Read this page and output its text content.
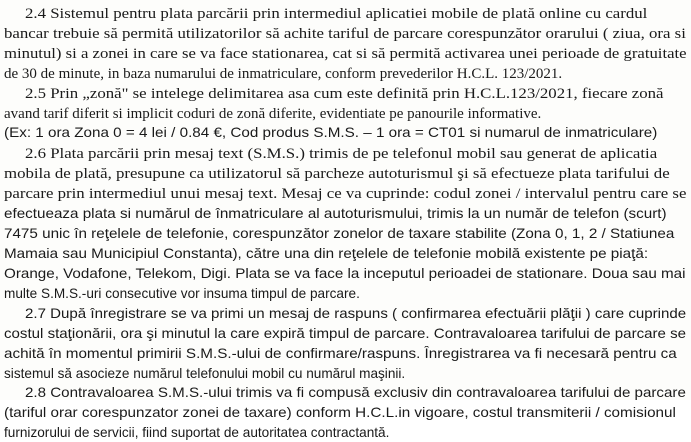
2.4 Sistemul pentru plata parcării prin intermediul aplicatiei mobile de plată online cu cardul
bancar trebuie să permită utilizatorilor să achite tariful de parcare corespunzător orarului ( ziua, ora si
minutul) si a zonei in care se va face stationarea, cat si să permită activarea unei perioade de gratuitate
de 30 de minute, in baza numarului de inmatriculare, conform prevederilor H.C.L. 123/2021.
2.5 Prin „zonă" se intelege delimitarea asa cum este definită prin H.C.L.123/2021, fiecare zonă
avand tarif diferit si implicit coduri de zonă diferite, evidentiate pe panourile informative.
(Ex: 1 ora Zona 0 = 4 lei / 0.84 €, Cod produs S.M.S. – 1 ora = CT01 si numarul de inmatriculare)
2.6 Plata parcării prin mesaj text (S.M.S.) trimis de pe telefonul mobil sau generat de aplicatia
mobila de plată, presupune ca utilizatorul să parcheze autoturismul şi să efectueze plata tarifului de
parcare prin intermediul unui mesaj text. Mesaj ce va cuprinde: codul zonei / intervalul pentru care se
efectueaza plata si numărul de înmatriculare al autoturismului, trimis la un număr de telefon (scurt)
7475 unic în reţelele de telefonie, corespunzător zonelor de taxare stabilite (Zona 0, 1, 2 / Statiunea
Mamaia sau Municipiul Constanta), către una din reţelele de telefonie mobilă existente pe piaţă:
Orange, Vodafone, Telekom, Digi. Plata se va face la inceputul perioadei de stationare. Doua sau mai
multe S.M.S.-uri consecutive vor insuma timpul de parcare.
2.7 După înregistrare se va primi un mesaj de raspuns ( confirmarea efectuării plăţii ) care cuprinde
costul staţionării, ora şi minutul la care expiră timpul de parcare. Contravaloarea tarifului de parcare se
achită în momentul primirii S.M.S.-ului de confirmare/raspuns. Înregistrarea va fi necesară pentru ca
sistemul să asocieze numărul telefonului mobil cu numărul maşinii.
2.8 Contravaloarea S.M.S.-ului trimis va fi compusă exclusiv din contravaloarea tarifului de parcare
(tariful orar corespunzator zonei de taxare) conform H.C.L.in vigoare, costul transmiterii / comisionul
furnizorului de servicii, fiind suportat de autoritatea contractantă.
